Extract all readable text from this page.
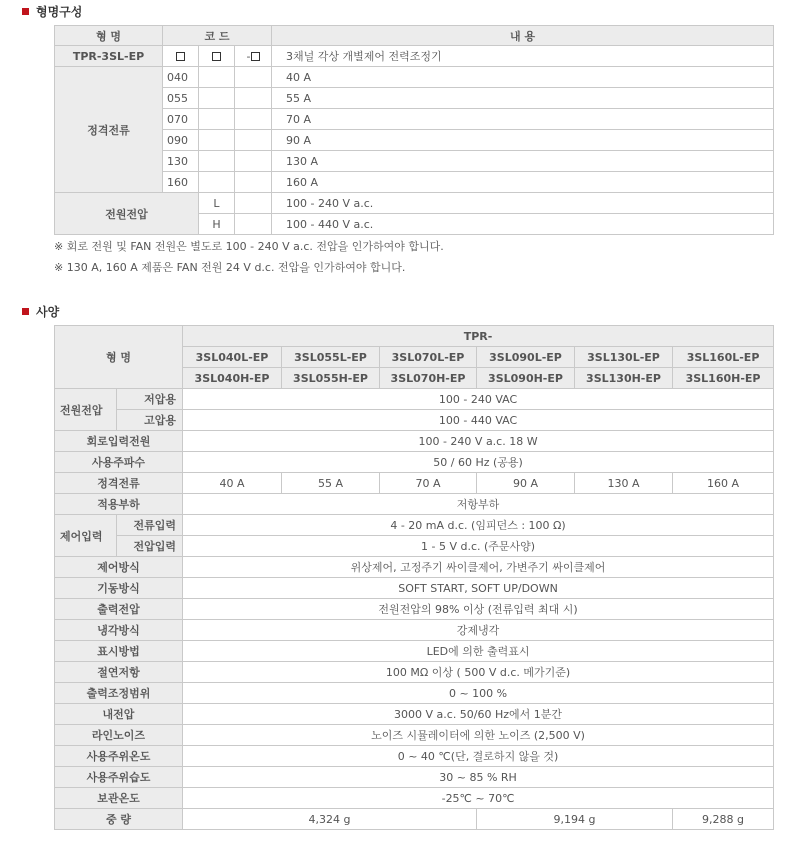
형명구성
형 명	코 드			내 용
TPR-3SL-EP			-	3채널 각상 개별제어 전력조정기
정격전류	040			40 A
	055			55 A
	070			70 A
	090			90 A
	130			130 A
	160			160 A
전원전압		L		100 - 240 V a.c.
		H		100 - 440 V a.c.
※ 회로 전원 및 FAN 전원은 별도로 100 - 240 V a.c. 전압을 인가하여야 합니다.
※ 130 A, 160 A 제품은 FAN 전원 24 V d.c. 전압을 인가하여야 합니다.
사양
형 명		TPR-					
		3SL040L-EP	3SL055L-EP	3SL070L-EP	3SL090L-EP	3SL130L-EP	3SL160L-EP
		3SL040H-EP	3SL055H-EP	3SL070H-EP	3SL090H-EP	3SL130H-EP	3SL160H-EP
전원전압	저압용	100 - 240 VAC					
	고압용	100 - 440 VAC					
회로입력전원		100 - 240 V a.c. 18 W					
사용주파수		50 / 60 Hz (공용)					
정격전류		40 A	55 A	70 A	90 A	130 A	160 A
적용부하		저항부하					
제어입력	전류입력	4 - 20 mA d.c. (임피던스 : 100 Ω)					
	전압입력	1 - 5 V d.c. (주문사양)					
제어방식		위상제어, 고정주기 싸이클제어, 가변주기 싸이클제어					
기동방식		SOFT START, SOFT UP/DOWN					
출력전압		전원전압의 98% 이상 (전류입력 최대 시)					
냉각방식		강제냉각					
표시방법		LED에 의한 출력표시					
절연저항		100 MΩ 이상 ( 500 V d.c. 메가기준)					
출력조정범위		0 ~ 100 %					
내전압		3000 V a.c. 50/60 Hz에서 1분간					
라인노이즈		노이즈 시뮬레이터에 의한 노이즈 (2,500 V)					
사용주위온도		0 ~ 40 ℃(단, 결로하지 않을 것)					
사용주위습도		30 ~ 85 % RH					
보관온도		-25℃ ~ 70℃					
중 량		4,324 g			9,194 g		9,288 g
